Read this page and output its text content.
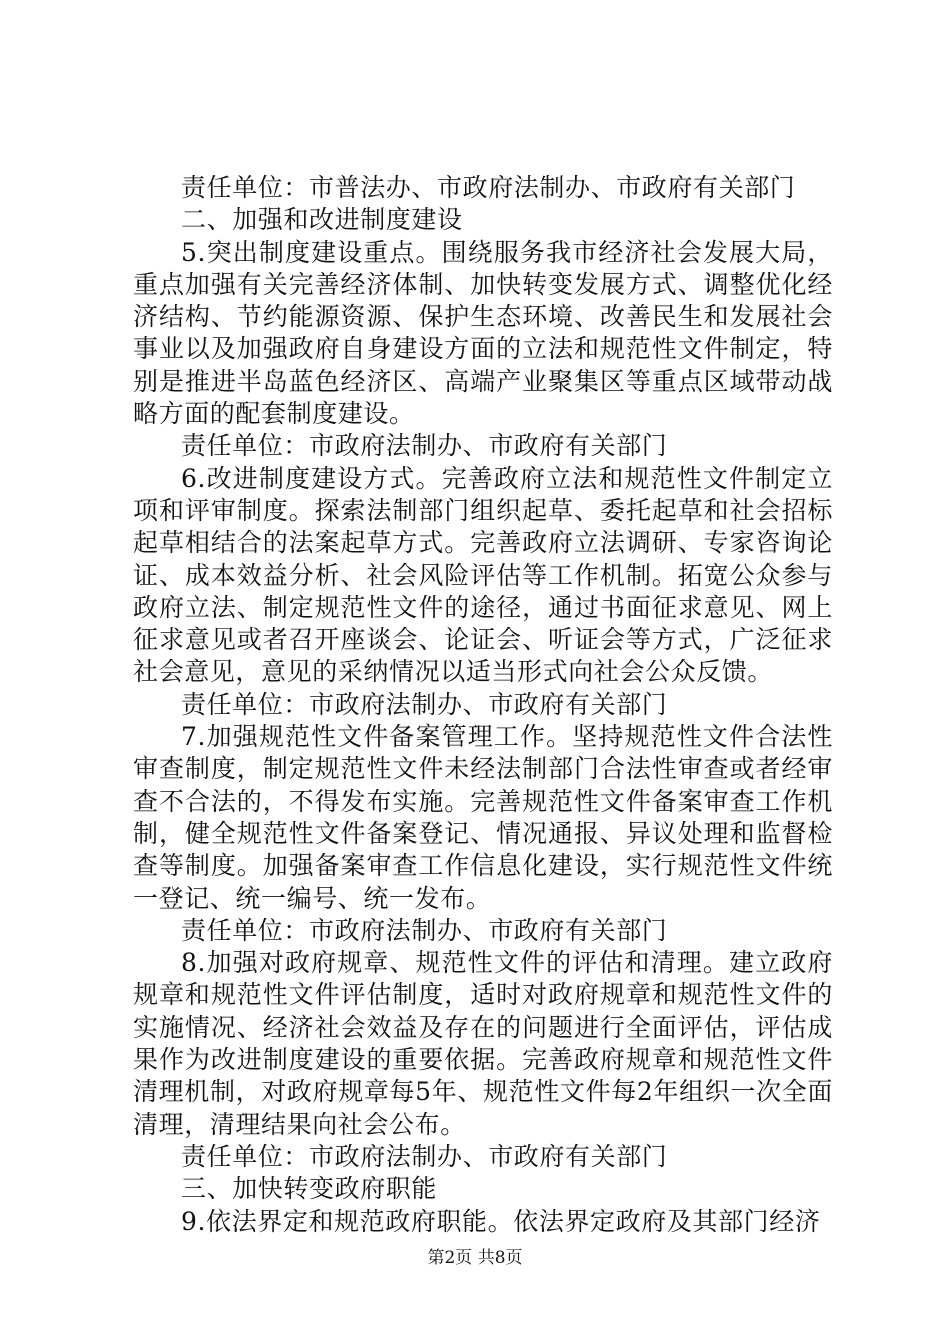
责任单位：市普法办、市政府法制办、市政府有关部门

二、加强和改进制度建设

5.突出制度建设重点。围绕服务我市经济社会发展大局，重点加强有关完善经济体制、加快转变发展方式、调整优化经济结构、节约能源资源、保护生态环境、改善民生和发展社会事业以及加强政府自身建设方面的立法和规范性文件制定，特别是推进半岛蓝色经济区、高端产业聚集区等重点区域带动战略方面的配套制度建设。

责任单位：市政府法制办、市政府有关部门

6.改进制度建设方式。完善政府立法和规范性文件制定立项和评审制度。探索法制部门组织起草、委托起草和社会招标起草相结合的法案起草方式。完善政府立法调研、专家咨询论证、成本效益分析、社会风险评估等工作机制。拓宽公众参与政府立法、制定规范性文件的途径，通过书面征求意见、网上征求意见或者召开座谈会、论证会、听证会等方式，广泛征求社会意见，意见的采纳情况以适当形式向社会公众反馈。

责任单位：市政府法制办、市政府有关部门

7.加强规范性文件备案管理工作。坚持规范性文件合法性审查制度，制定规范性文件未经法制部门合法性审查或者经审查不合法的，不得发布实施。完善规范性文件备案审查工作机制，健全规范性文件备案登记、情况通报、异议处理和监督检查等制度。加强备案审查工作信息化建设，实行规范性文件统一登记、统一编号、统一发布。

责任单位：市政府法制办、市政府有关部门

8.加强对政府规章、规范性文件的评估和清理。建立政府规章和规范性文件评估制度，适时对政府规章和规范性文件的实施情况、经济社会效益及存在的问题进行全面评估，评估成果作为改进制度建设的重要依据。完善政府规章和规范性文件清理机制，对政府规章每5年、规范性文件每2年组织一次全面清理，清理结果向社会公布。

责任单位：市政府法制办、市政府有关部门

三、加快转变政府职能

9.依法界定和规范政府职能。依法界定政府及其部门经济

第2页 共8页
